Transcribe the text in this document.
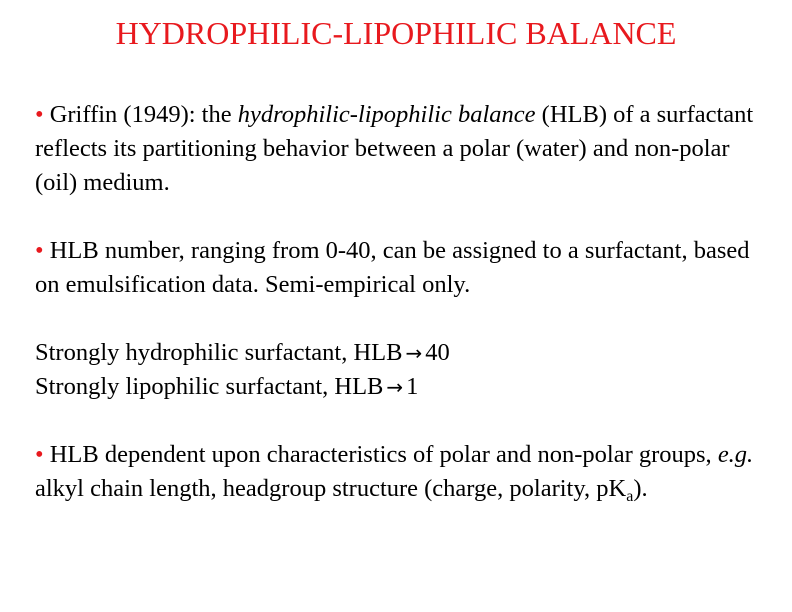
HYDROPHILIC-LIPOPHILIC BALANCE

• Griffin (1949): the hydrophilic-lipophilic balance (HLB) of a surfactant reflects its partitioning behavior between a polar (water) and non-polar (oil) medium.

• HLB number, ranging from 0-40, can be assigned to a surfactant, based on emulsification data. Semi-empirical only.

Strongly hydrophilic surfactant, HLB → 40

Strongly lipophilic surfactant, HLB → 1

• HLB dependent upon characteristics of polar and non-polar groups, e.g. alkyl chain length, headgroup structure (charge, polarity, $pK_a$).
